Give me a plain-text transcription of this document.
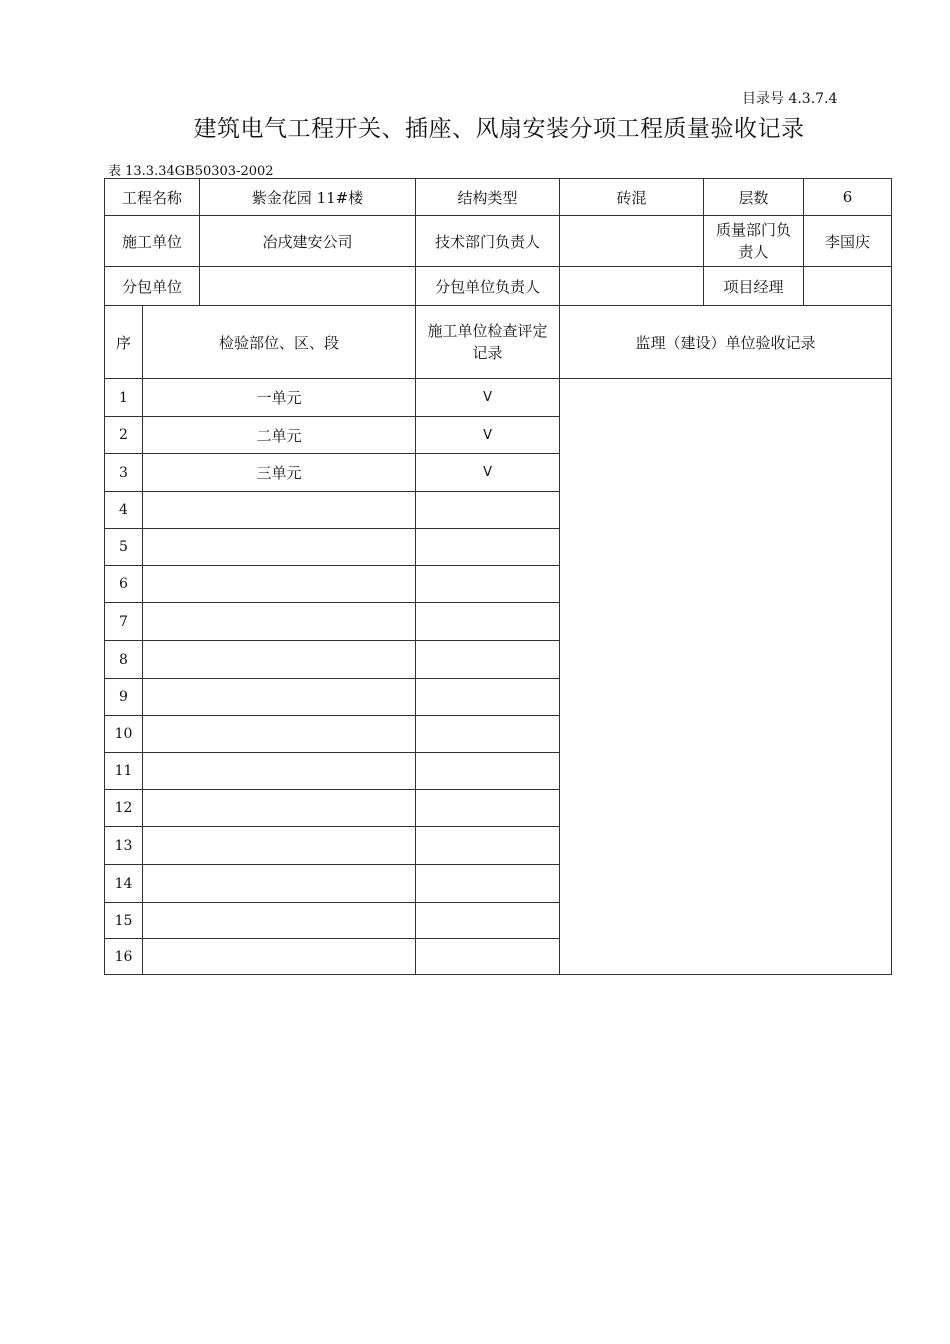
目录号 4.3.7.4
建筑电气工程开关、插座、风扇安装分项工程质量验收记录
表 13.3.34GB50303-2002
工程名称		紫金花园 11#楼	结构类型	砖混	层数	6
施工单位		冶戌建安公司	技术部门负责人		质量部门负责人	李国庆
分包单位			分包单位负责人		项目经理	
序	检验部位、区、段		施工单位检查评定记录	监理（建设）单位验收记录		
1	一单元		V			
2	二单元		V			
3	三单元		V			
4						
5						
6						
7						
8						
9						
10						
11						
12						
13						
14						
15						
16						
